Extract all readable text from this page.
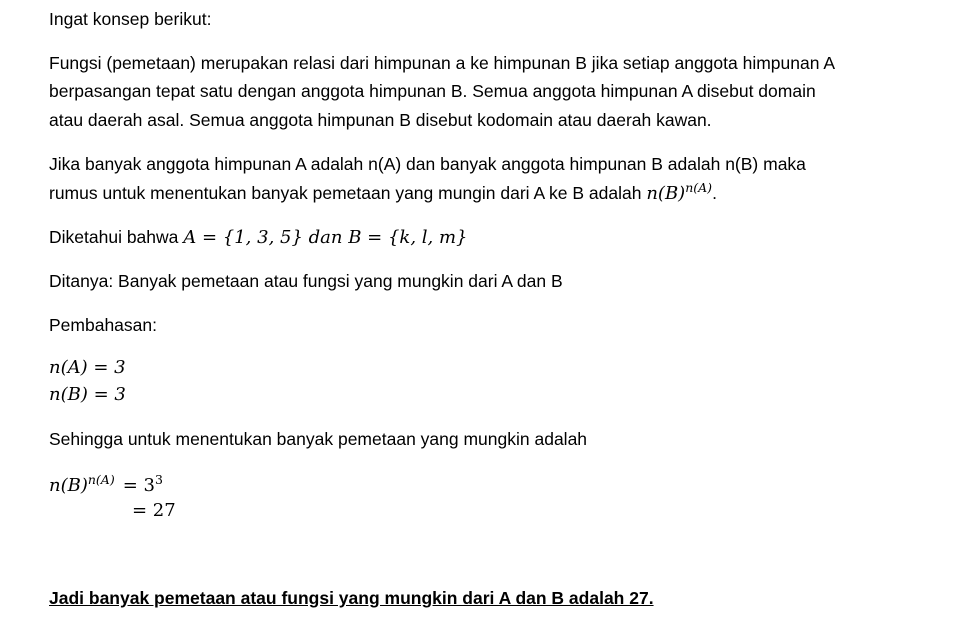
Ingat konsep berikut:
Fungsi (pemetaan) merupakan relasi dari himpunan a ke himpunan B jika setiap anggota himpunan A
berpasangan tepat satu dengan anggota himpunan B. Semua anggota himpunan A disebut domain
atau daerah asal. Semua anggota himpunan B disebut kodomain atau daerah kawan.
Jika banyak anggota himpunan A adalah n(A) dan banyak anggota himpunan B adalah n(B) maka
rumus untuk menentukan banyak pemetaan yang mungin dari A ke B adalah $n(B)^{n(A)}$.
Diketahui bahwa A = {1, 3, 5} dan B = {k, l, m}
Ditanya: Banyak pemetaan atau fungsi yang mungkin dari A dan B
Pembahasan:
n(A) = 3
n(B) = 3
Sehingga untuk menentukan banyak pemetaan yang mungkin adalah
$n(B)^{n(A)} = 3^3$
= 27
Jadi banyak pemetaan atau fungsi yang mungkin dari A dan B adalah 27.
